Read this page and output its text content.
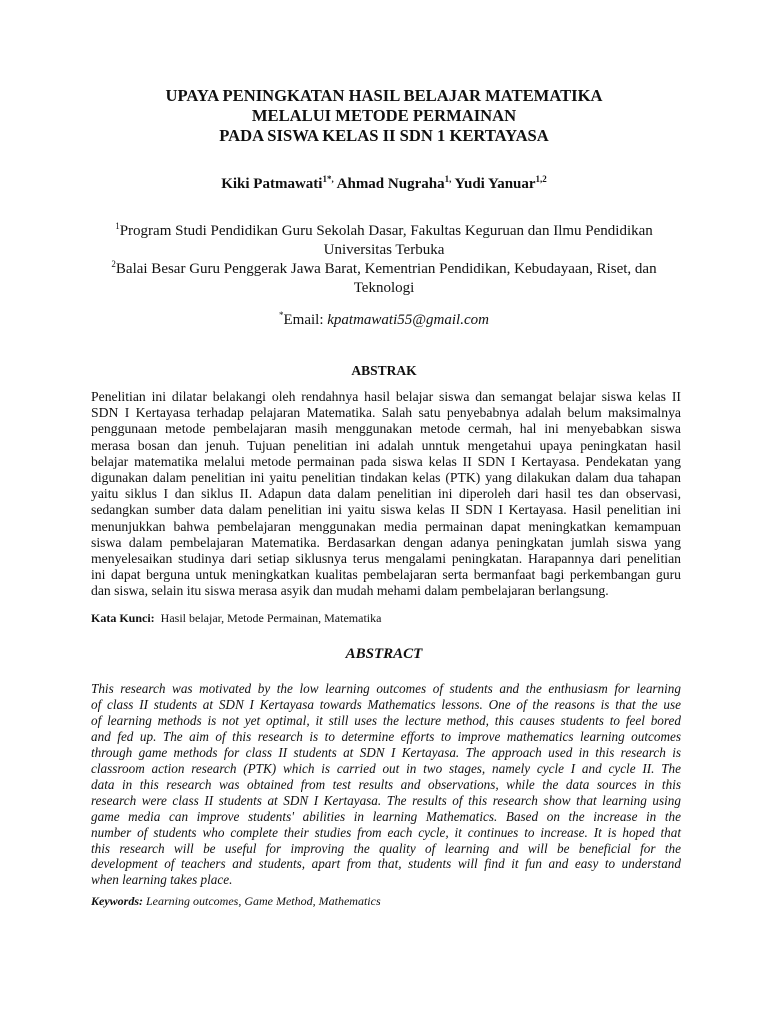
UPAYA PENINGKATAN HASIL BELAJAR MATEMATIKA
MELALUI METODE PERMAINAN
PADA SISWA KELAS II SDN 1 KERTAYASA
Kiki Patmawati$^{1*,}$ Ahmad Nugraha$^{1,}$ Yudi Yanuar$^{1,2}$
$^1$Program Studi Pendidikan Guru Sekolah Dasar, Fakultas Keguruan dan Ilmu Pendidikan
Universitas Terbuka
$^2$Balai Besar Guru Penggerak Jawa Barat, Kementrian Pendidikan, Kebudayaan, Riset, dan
Teknologi
*Email: kpatmawati55@gmail.com
ABSTRAK
Penelitian ini dilatar belakangi oleh rendahnya hasil belajar siswa dan semangat belajar siswa kelas II
SDN I Kertayasa terhadap pelajaran Matematika. Salah satu penyebabnya adalah belum maksimalnya
penggunaan metode pembelajaran masih menggunakan metode cermah, hal ini menyebabkan siswa
merasa bosan dan jenuh. Tujuan penelitian ini adalah unntuk mengetahui upaya peningkatan hasil
belajar matematika melalui metode permainan pada siswa kelas II SDN I Kertayasa. Pendekatan yang
digunakan dalam penelitian ini yaitu penelitian tindakan kelas (PTK) yang dilakukan dalam dua tahapan
yaitu siklus I dan siklus II. Adapun data dalam penelitian ini diperoleh dari hasil tes dan observasi,
sedangkan sumber data dalam penelitian ini yaitu siswa kelas II SDN I Kertayasa. Hasil penelitian ini
menunjukkan bahwa pembelajaran menggunakan media permainan dapat meningkatkan kemampuan
siswa dalam pembelajaran Matematika. Berdasarkan dengan adanya peningkatan jumlah siswa yang
menyelesaikan studinya dari setiap siklusnya terus mengalami peningkatan. Harapannya dari penelitian
ini dapat berguna untuk meningkatkan kualitas pembelajaran serta bermanfaat bagi perkembangan guru
dan siswa, selain itu siswa merasa asyik dan mudah mehami dalam pembelajaran berlangsung.
Kata Kunci: Hasil belajar, Metode Permainan, Matematika
ABSTRACT
This research was motivated by the low learning outcomes of students and the enthusiasm for learning
of class II students at SDN I Kertayasa towards Mathematics lessons. One of the reasons is that the use
of learning methods is not yet optimal, it still uses the lecture method, this causes students to feel bored
and fed up. The aim of this research is to determine efforts to improve mathematics learning outcomes
through game methods for class II students at SDN I Kertayasa. The approach used in this research is
classroom action research (PTK) which is carried out in two stages, namely cycle I and cycle II. The
data in this research was obtained from test results and observations, while the data sources in this
research were class II students at SDN I Kertayasa. The results of this research show that learning using
game media can improve students' abilities in learning Mathematics. Based on the increase in the
number of students who complete their studies from each cycle, it continues to increase. It is hoped that
this research will be useful for improving the quality of learning and will be beneficial for the
development of teachers and students, apart from that, students will find it fun and easy to understand
when learning takes place.
Keywords: Learning outcomes, Game Method, Mathematics
